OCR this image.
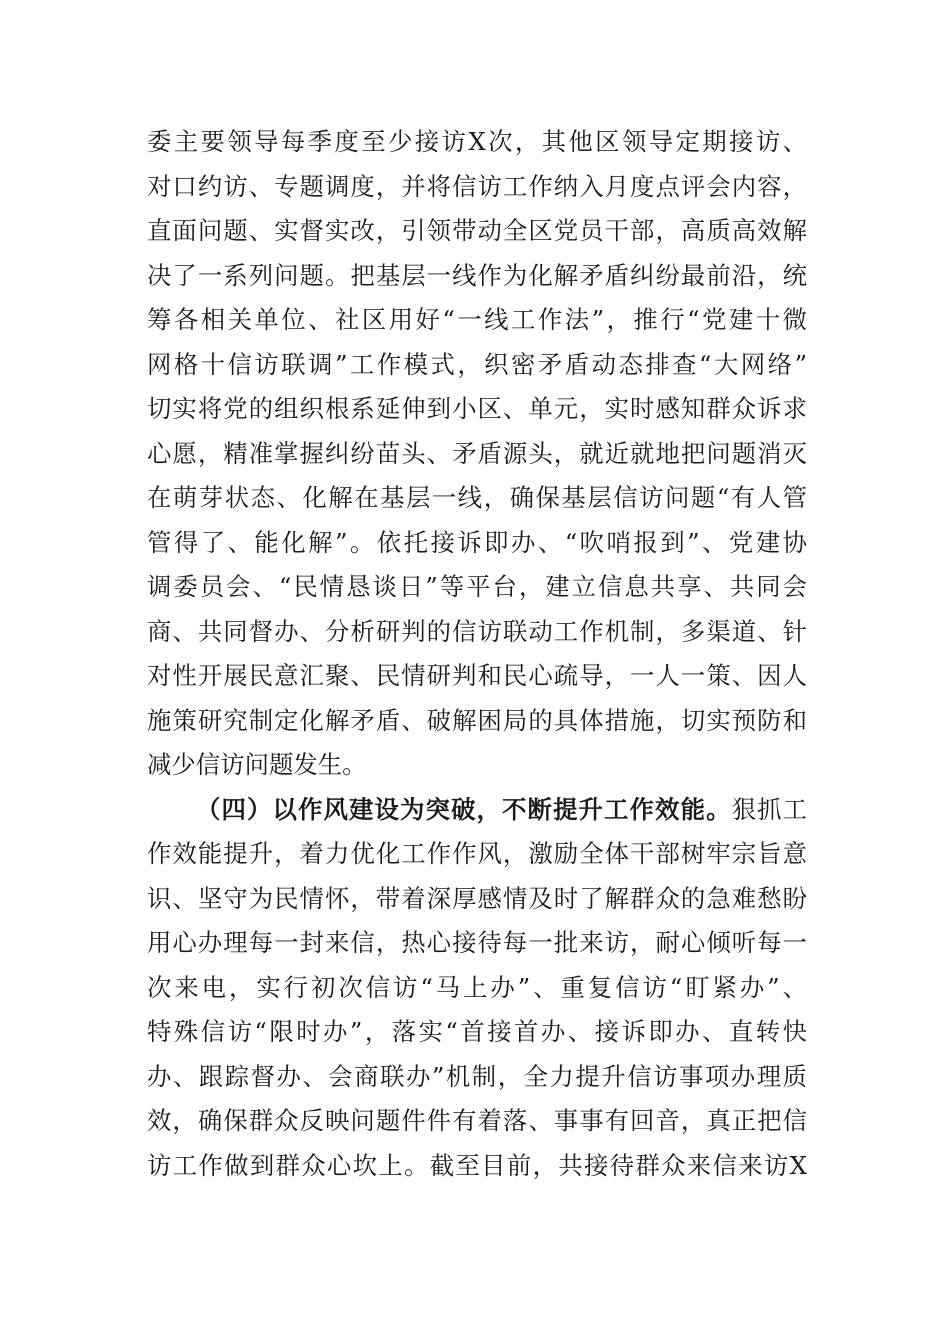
委主要领导每季度至少接访X次，其他区领导定期接访、
对口约访、专题调度，并将信访工作纳入月度点评会内容，
直面问题、实督实改，引领带动全区党员干部，高质高效解
决了一系列问题。把基层一线作为化解矛盾纠纷最前沿，统
筹各相关单位、社区用好“一线工作法”，推行“党建十微
网格十信访联调”工作模式，织密矛盾动态排查“大网络”
切实将党的组织根系延伸到小区、单元，实时感知群众诉求
心愿，精准掌握纠纷苗头、矛盾源头，就近就地把问题消灭
在萌芽状态、化解在基层一线，确保基层信访问题“有人管
管得了、能化解”。依托接诉即办、“吹哨报到”、党建协
调委员会、“民情恳谈日”等平台，建立信息共享、共同会
商、共同督办、分析研判的信访联动工作机制，多渠道、针
对性开展民意汇聚、民情研判和民心疏导，一人一策、因人
施策研究制定化解矛盾、破解困局的具体措施，切实预防和
减少信访问题发生。
（四）以作风建设为突破，不断提升工作效能。狠抓工
作效能提升，着力优化工作作风，激励全体干部树牢宗旨意
识、坚守为民情怀，带着深厚感情及时了解群众的急难愁盼
用心办理每一封来信，热心接待每一批来访，耐心倾听每一
次来电，实行初次信访“马上办”、重复信访“盯紧办”、
特殊信访“限时办”，落实“首接首办、接诉即办、直转快
办、跟踪督办、会商联办”机制，全力提升信访事项办理质
效，确保群众反映问题件件有着落、事事有回音，真正把信
访工作做到群众心坎上。截至目前，共接待群众来信来访X
